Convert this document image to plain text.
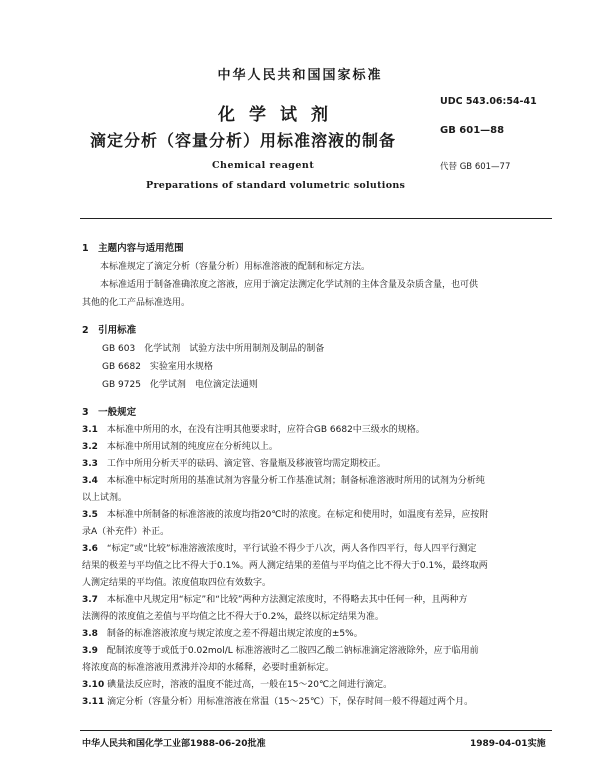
中华人民共和国国家标准
UDC 543.06:54-41
化学试剂
GB 601—88
滴定分析（容量分析）用标准溶液的制备
Chemical reagent	代替 GB 601—77
Preparations of standard volumetric solutions
1　主题内容与适用范围
本标准规定了滴定分析（容量分析）用标准溶液的配制和标定方法。
本标准适用于制备准确浓度之溶液，应用于滴定法测定化学试剂的主体含量及杂质含量，也可供
其他的化工产品标准选用。
2　引用标准
GB 603　化学试剂　试验方法中所用制剂及制品的制备
GB 6682　实验室用水规格
GB 9725　化学试剂　电位滴定法通则
3　一般规定
3.1 本标准中所用的水，在没有注明其他要求时，应符合GB 6682中三级水的规格。
3.2 本标准中所用试剂的纯度应在分析纯以上。
3.3 工作中所用分析天平的砝码、滴定管、容量瓶及移液管均需定期校正。
3.4 本标准中标定时所用的基准试剂为容量分析工作基准试剂；制备标准溶液时所用的试剂为分析纯
以上试剂。
3.5 本标准中所制备的标准溶液的浓度均指20℃时的浓度。在标定和使用时，如温度有差异，应按附
录A（补充件）补正。
3.6 “标定”或“比较”标准溶液浓度时，平行试验不得少于八次，两人各作四平行，每人四平行测定
结果的极差与平均值之比不得大于0.1%。两人测定结果的差值与平均值之比不得大于0.1%，最终取两
人测定结果的平均值。浓度值取四位有效数字。
3.7 本标准中凡规定用“标定”和“比较”两种方法测定浓度时，不得略去其中任何一种，且两种方
法测得的浓度值之差值与平均值之比不得大于0.2%，最终以标定结果为准。
3.8 制备的标准溶液浓度与规定浓度之差不得超出规定浓度的±5%。
3.9 配制浓度等于或低于0.02mol/L 标准溶液时乙二胺四乙酸二钠标准滴定溶液除外，应于临用前
将浓度高的标准溶液用煮沸并冷却的水稀释，必要时重新标定。
3.10 碘量法反应时，溶液的温度不能过高，一般在15～20℃之间进行滴定。
3.11 滴定分析（容量分析）用标准溶液在常温（15～25℃）下，保存时间一般不得超过两个月。
中华人民共和国化学工业部1988-06-20批准	1989-04-01实施
